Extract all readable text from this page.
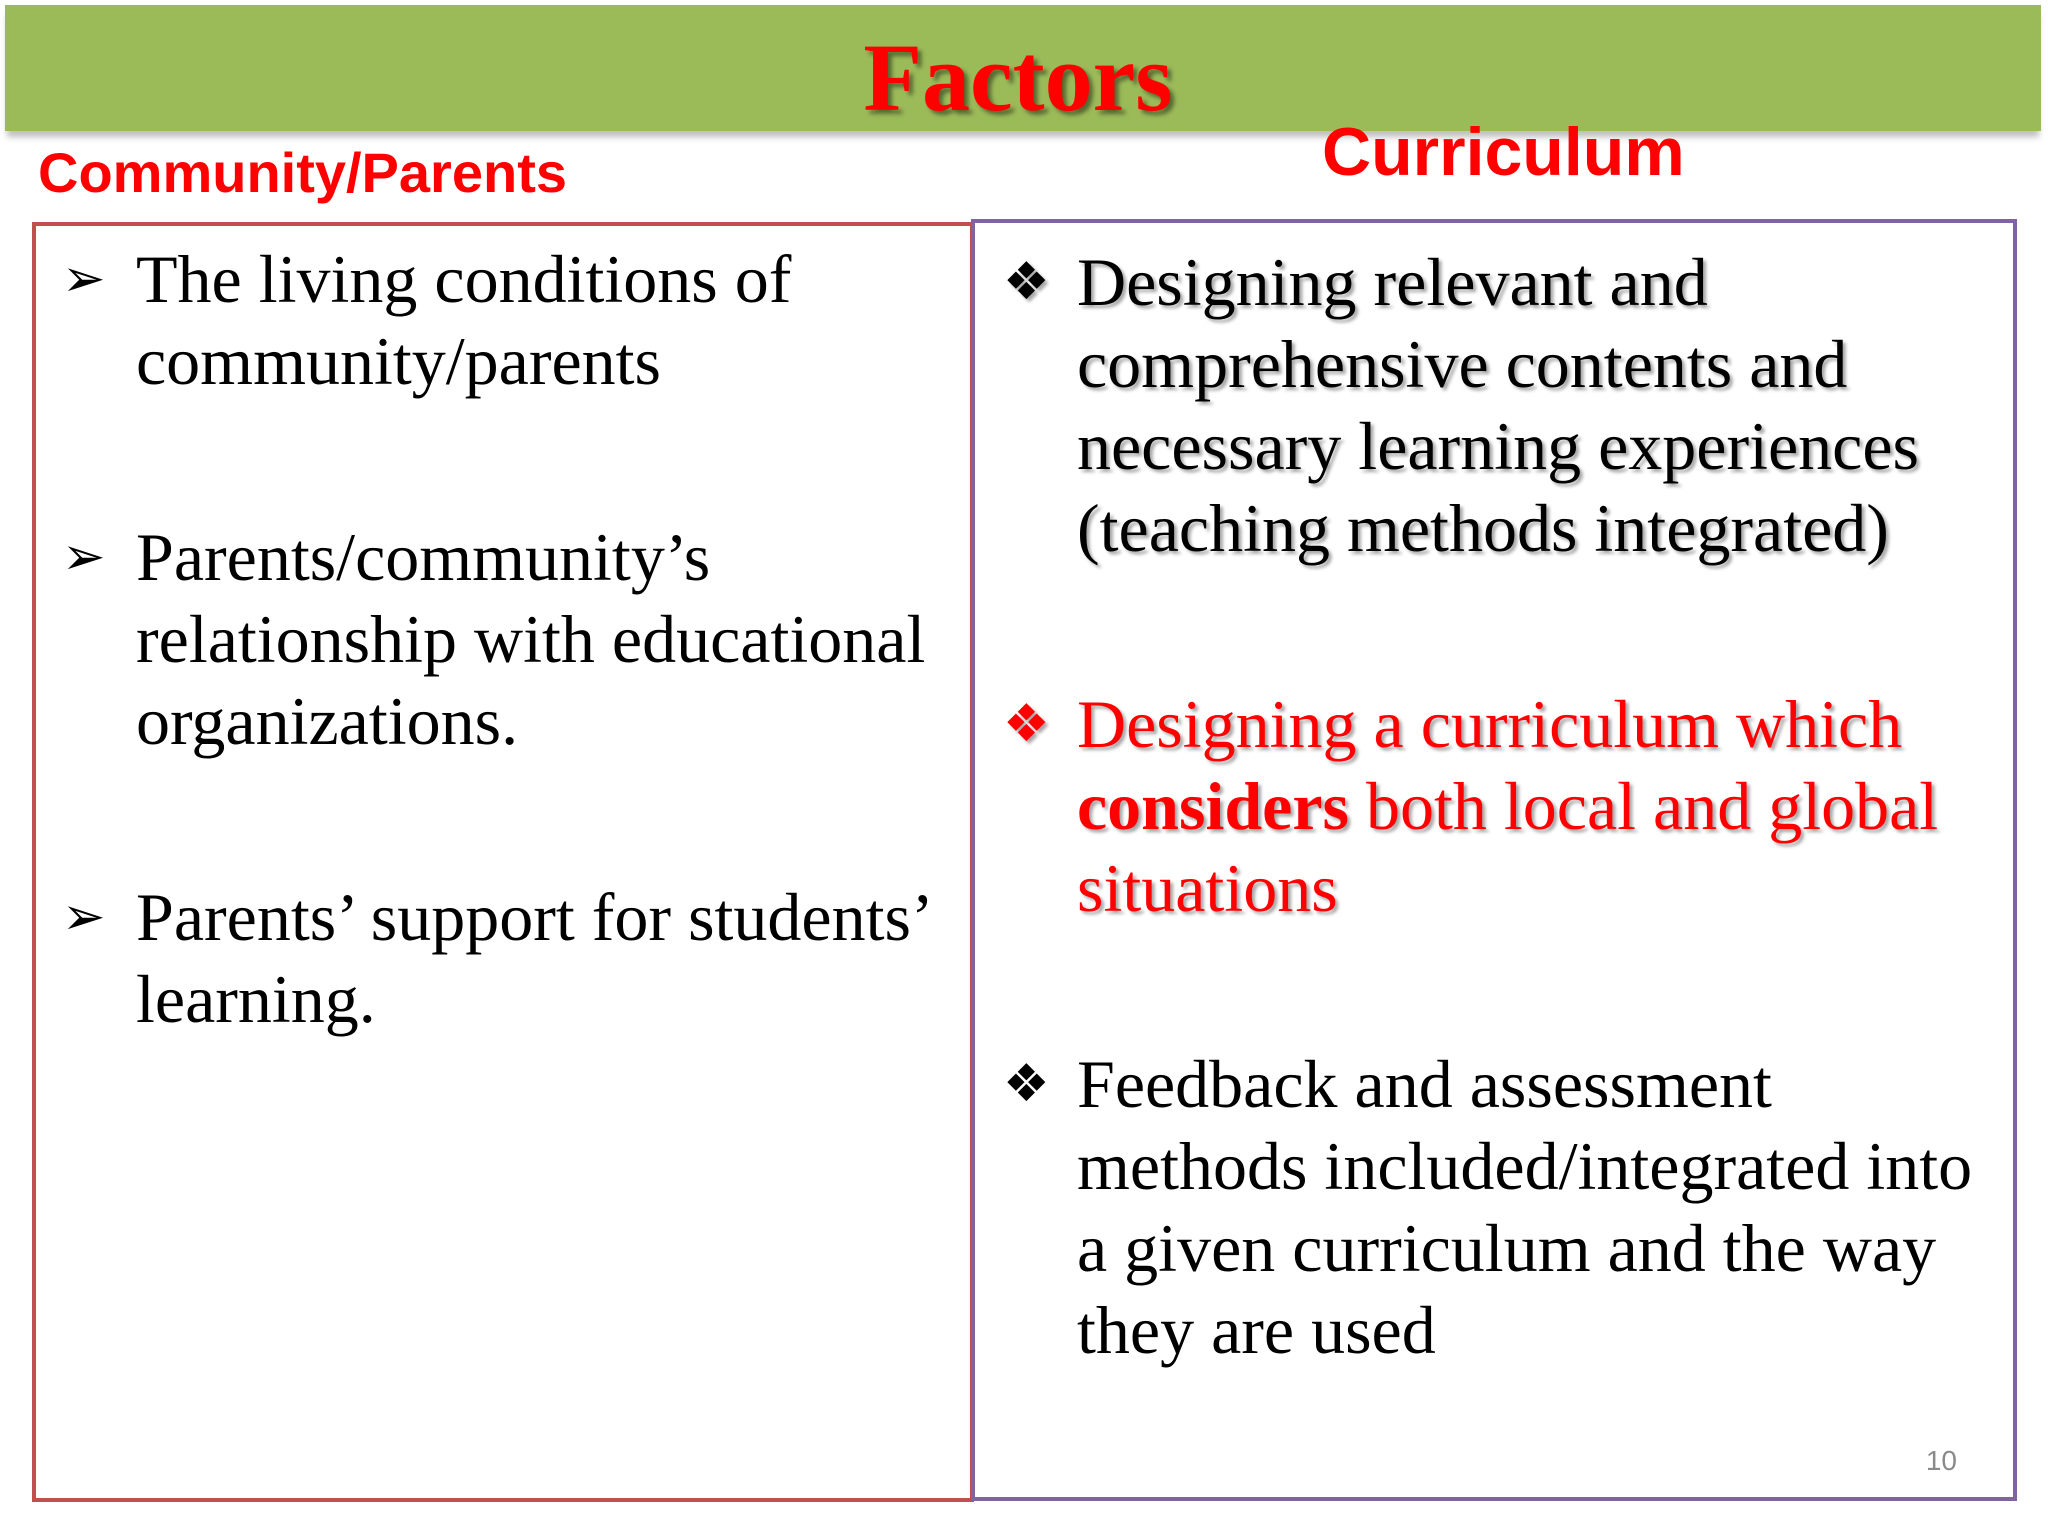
Factors
Community/Parents	Curriculum
➢ The living conditions of community/parents
➢ Parents/community’s relationship with educational organizations.
➢ Parents’ support for students’ learning.
❖ Designing relevant and comprehensive contents and necessary learning experiences (teaching methods integrated)
❖ Designing a curriculum which considers both local and global situations
❖ Feedback and assessment methods included/integrated into a given curriculum and the way they are used
10
